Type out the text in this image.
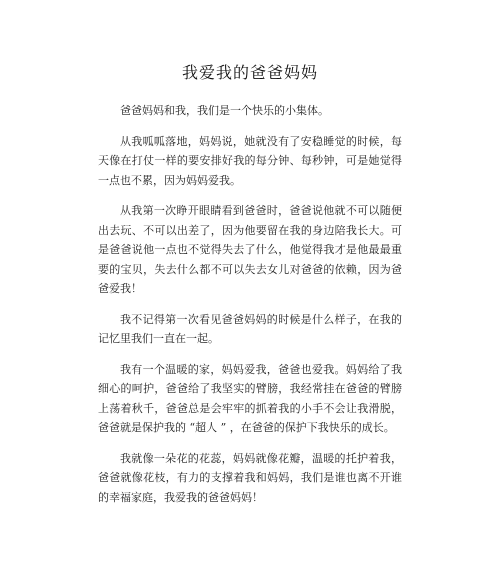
我爱我的爸爸妈妈

爸爸妈妈和我，我们是一个快乐的小集体。

从我呱呱落地，妈妈说，她就没有了安稳睡觉的时候，每天像在打仗一样的要安排好我的每分钟、每秒钟，可是她觉得一点也不累，因为妈妈爱我。

从我第一次睁开眼睛看到爸爸时，爸爸说他就不可以随便出去玩、不可以出差了，因为他要留在我的身边陪我长大。可是爸爸说他一点也不觉得失去了什么，他觉得我才是他最最重要的宝贝，失去什么都不可以失去女儿对爸爸的依赖，因为爸爸爱我！

我不记得第一次看见爸爸妈妈的时候是什么样子，在我的记忆里我们一直在一起。

我有一个温暖的家，妈妈爱我，爸爸也爱我。妈妈给了我细心的呵护，爸爸给了我坚实的臂膀，我经常挂在爸爸的臂膀上荡着秋千，爸爸总是会牢牢的抓着我的小手不会让我滑脱，爸爸就是保护我的 “超人 ” ，在爸爸的保护下我快乐的成长。

我就像一朵花的花蕊，妈妈就像花瓣，温暖的托护着我，爸爸就像花枝，有力的支撑着我和妈妈，我们是谁也离不开谁的幸福家庭，我爱我的爸爸妈妈！
